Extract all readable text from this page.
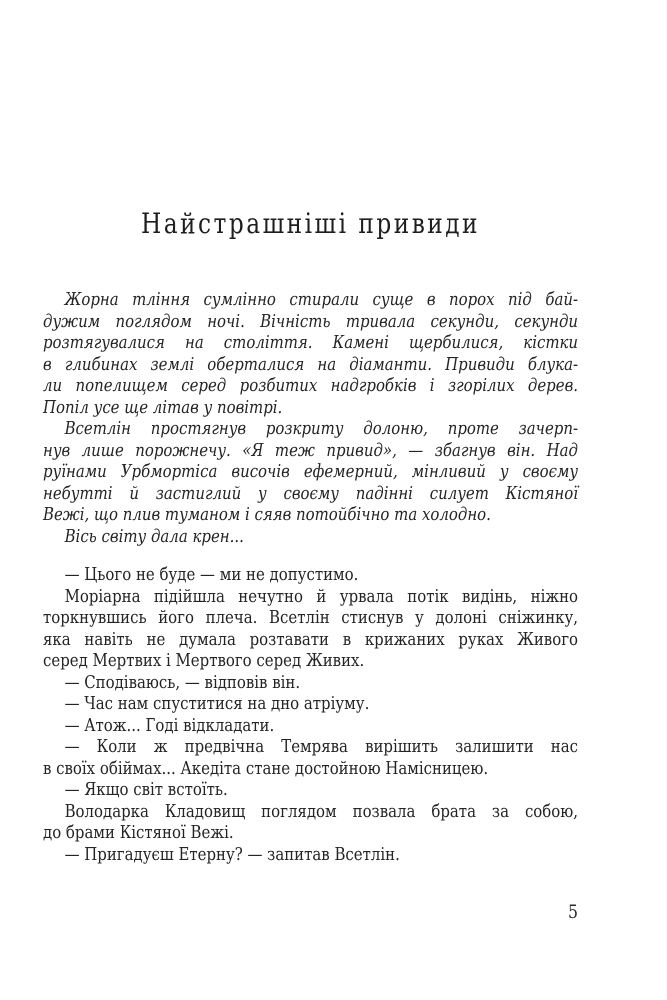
Найстрашніші привиди
Жорна тління сумлінно стирали суще в порох під бай-
дужим поглядом ночі. Вічність тривала секунди, секунди
розтягувалися на століття. Камені щербилися, кістки
в глибинах землі оберталися на діаманти. Привиди блука-
ли попелищем серед розбитих надгробків і згорілих дерев.
Попіл усе ще літав у повітрі.
Всетлін простягнув розкриту долоню, проте зачерп-
нув лише порожнечу. «Я теж привид», — збагнув він. Над
руїнами Урбмортіса височів ефемерний, мінливий у своєму
небутті й застиглий у своєму падінні силует Кістяної
Вежі, що плив туманом і сяяв потойбічно та холодно.
Вісь світу дала крен...
— Цього не буде — ми не допустимо.
Моріарна підійшла нечутно й урвала потік видінь, ніжно
торкнувшись його плеча. Всетлін стиснув у долоні сніжинку,
яка навіть не думала розтавати в крижаних руках Живого
серед Мертвих і Мертвого серед Живих.
— Сподіваюсь, — відповів він.
— Час нам спуститися на дно атріуму.
— Атож... Годі відкладати.
— Коли ж предвічна Темрява вирішить залишити нас
в своїх обіймах... Акедіта стане достойною Намісницею.
— Якщо світ встоїть.
Володарка Кладовищ поглядом позвала брата за собою,
до брами Кістяної Вежі.
— Пригадуєш Етерну? — запитав Всетлін.
5
